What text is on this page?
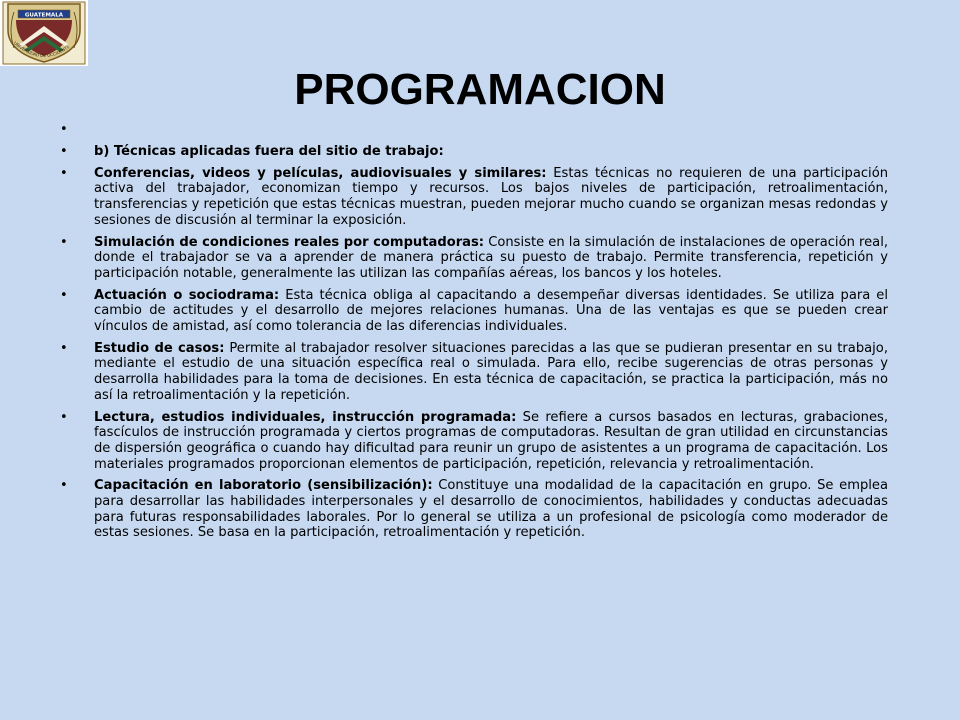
GUATEMALA
UNIVERSIDAD DE OCCIDENTE
PROGRAMACION
•
• b) Técnicas aplicadas fuera del sitio de trabajo:
• Conferencias, videos y películas, audiovisuales y similares: Estas técnicas no requieren de una participación activa del trabajador, economizan tiempo y recursos. Los bajos niveles de participación, retroalimentación, transferencias y repetición que estas técnicas muestran, pueden mejorar mucho cuando se organizan mesas redondas y sesiones de discusión al terminar la exposición.
• Simulación de condiciones reales por computadoras: Consiste en la simulación de instalaciones de operación real, donde el trabajador se va a aprender de manera práctica su puesto de trabajo. Permite transferencia, repetición y participación notable, generalmente las utilizan las compañías aéreas, los bancos y los hoteles.
• Actuación o sociodrama: Esta técnica obliga al capacitando a desempeñar diversas identidades. Se utiliza para el cambio de actitudes y el desarrollo de mejores relaciones humanas. Una de las ventajas es que se pueden crear vínculos de amistad, así como tolerancia de las diferencias individuales.
• Estudio de casos: Permite al trabajador resolver situaciones parecidas a las que se pudieran presentar en su trabajo, mediante el estudio de una situación específica real o simulada. Para ello, recibe sugerencias de otras personas y desarrolla habilidades para la toma de decisiones. En esta técnica de capacitación, se practica la participación, más no así la retroalimentación y la repetición.
• Lectura, estudios individuales, instrucción programada: Se refiere a cursos basados en lecturas, grabaciones, fascículos de instrucción programada y ciertos programas de computadoras. Resultan de gran utilidad en circunstancias de dispersión geográfica o cuando hay dificultad para reunir un grupo de asistentes a un programa de capacitación. Los materiales programados proporcionan elementos de participación, repetición, relevancia y retroalimentación.
• Capacitación en laboratorio (sensibilización): Constituye una modalidad de la capacitación en grupo. Se emplea para desarrollar las habilidades interpersonales y el desarrollo de conocimientos, habilidades y conductas adecuadas para futuras responsabilidades laborales. Por lo general se utiliza a un profesional de psicología como moderador de estas sesiones. Se basa en la participación, retroalimentación y repetición.
